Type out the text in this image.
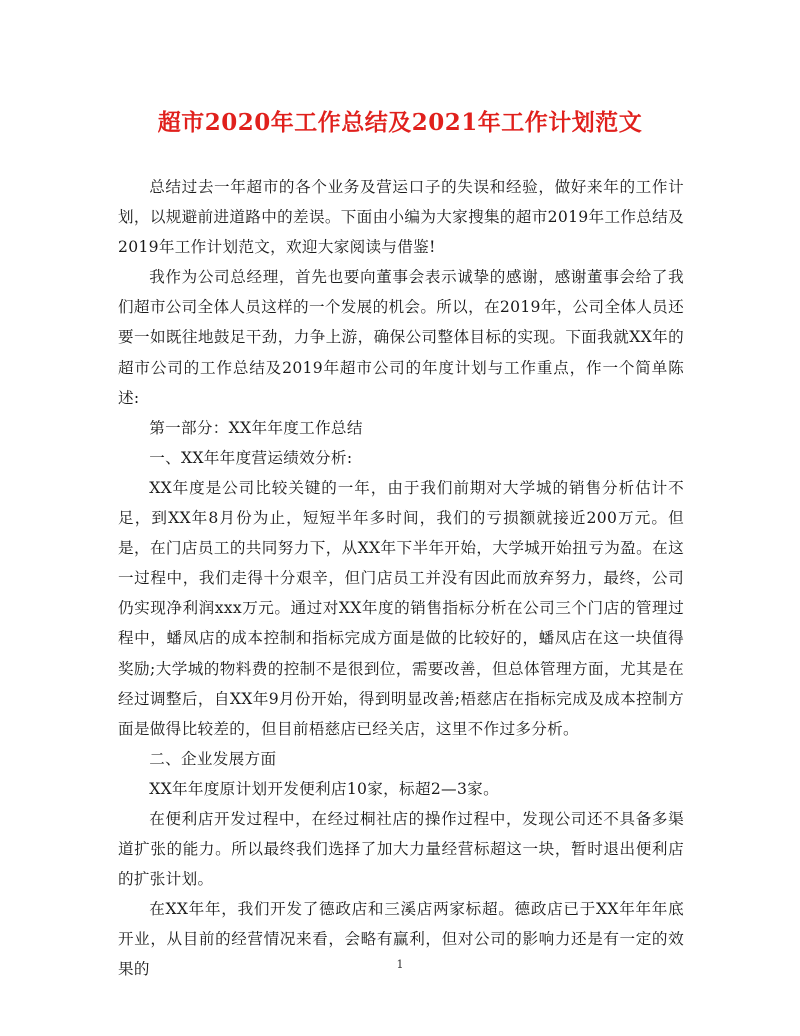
超市2020年工作总结及2021年工作计划范文

总结过去一年超市的各个业务及营运口子的失误和经验，做好来年的工作计划，以规避前进道路中的差误。下面由小编为大家搜集的超市2019年工作总结及2019年工作计划范文，欢迎大家阅读与借鉴!

我作为公司总经理，首先也要向董事会表示诚挚的感谢，感谢董事会给了我们超市公司全体人员这样的一个发展的机会。所以，在2019年，公司全体人员还要一如既往地鼓足干劲，力争上游，确保公司整体目标的实现。下面我就XX年的超市公司的工作总结及2019年超市公司的年度计划与工作重点，作一个简单陈述:

第一部分：XX年年度工作总结

一、XX年年度营运绩效分析:

XX年度是公司比较关键的一年，由于我们前期对大学城的销售分析估计不足，到XX年8月份为止，短短半年多时间，我们的亏损额就接近200万元。但是，在门店员工的共同努力下，从XX年下半年开始，大学城开始扭亏为盈。在这一过程中，我们走得十分艰辛，但门店员工并没有因此而放弃努力，最终，公司仍实现净利润xxx万元。通过对XX年度的销售指标分析在公司三个门店的管理过程中，蟠凤店的成本控制和指标完成方面是做的比较好的，蟠凤店在这一块值得奖励;大学城的物料费的控制不是很到位，需要改善，但总体管理方面，尤其是在经过调整后，自XX年9月份开始，得到明显改善;梧慈店在指标完成及成本控制方面是做得比较差的，但目前梧慈店已经关店，这里不作过多分析。

二、企业发展方面

XX年年度原计划开发便利店10家，标超2—3家。

在便利店开发过程中，在经过桐社店的操作过程中，发现公司还不具备多渠道扩张的能力。所以最终我们选择了加大力量经营标超这一块，暂时退出便利店的扩张计划。

在XX年年，我们开发了德政店和三溪店两家标超。德政店已于XX年年年底开业，从目前的经营情况来看，会略有赢利，但对公司的影响力还是有一定的效果的	1
